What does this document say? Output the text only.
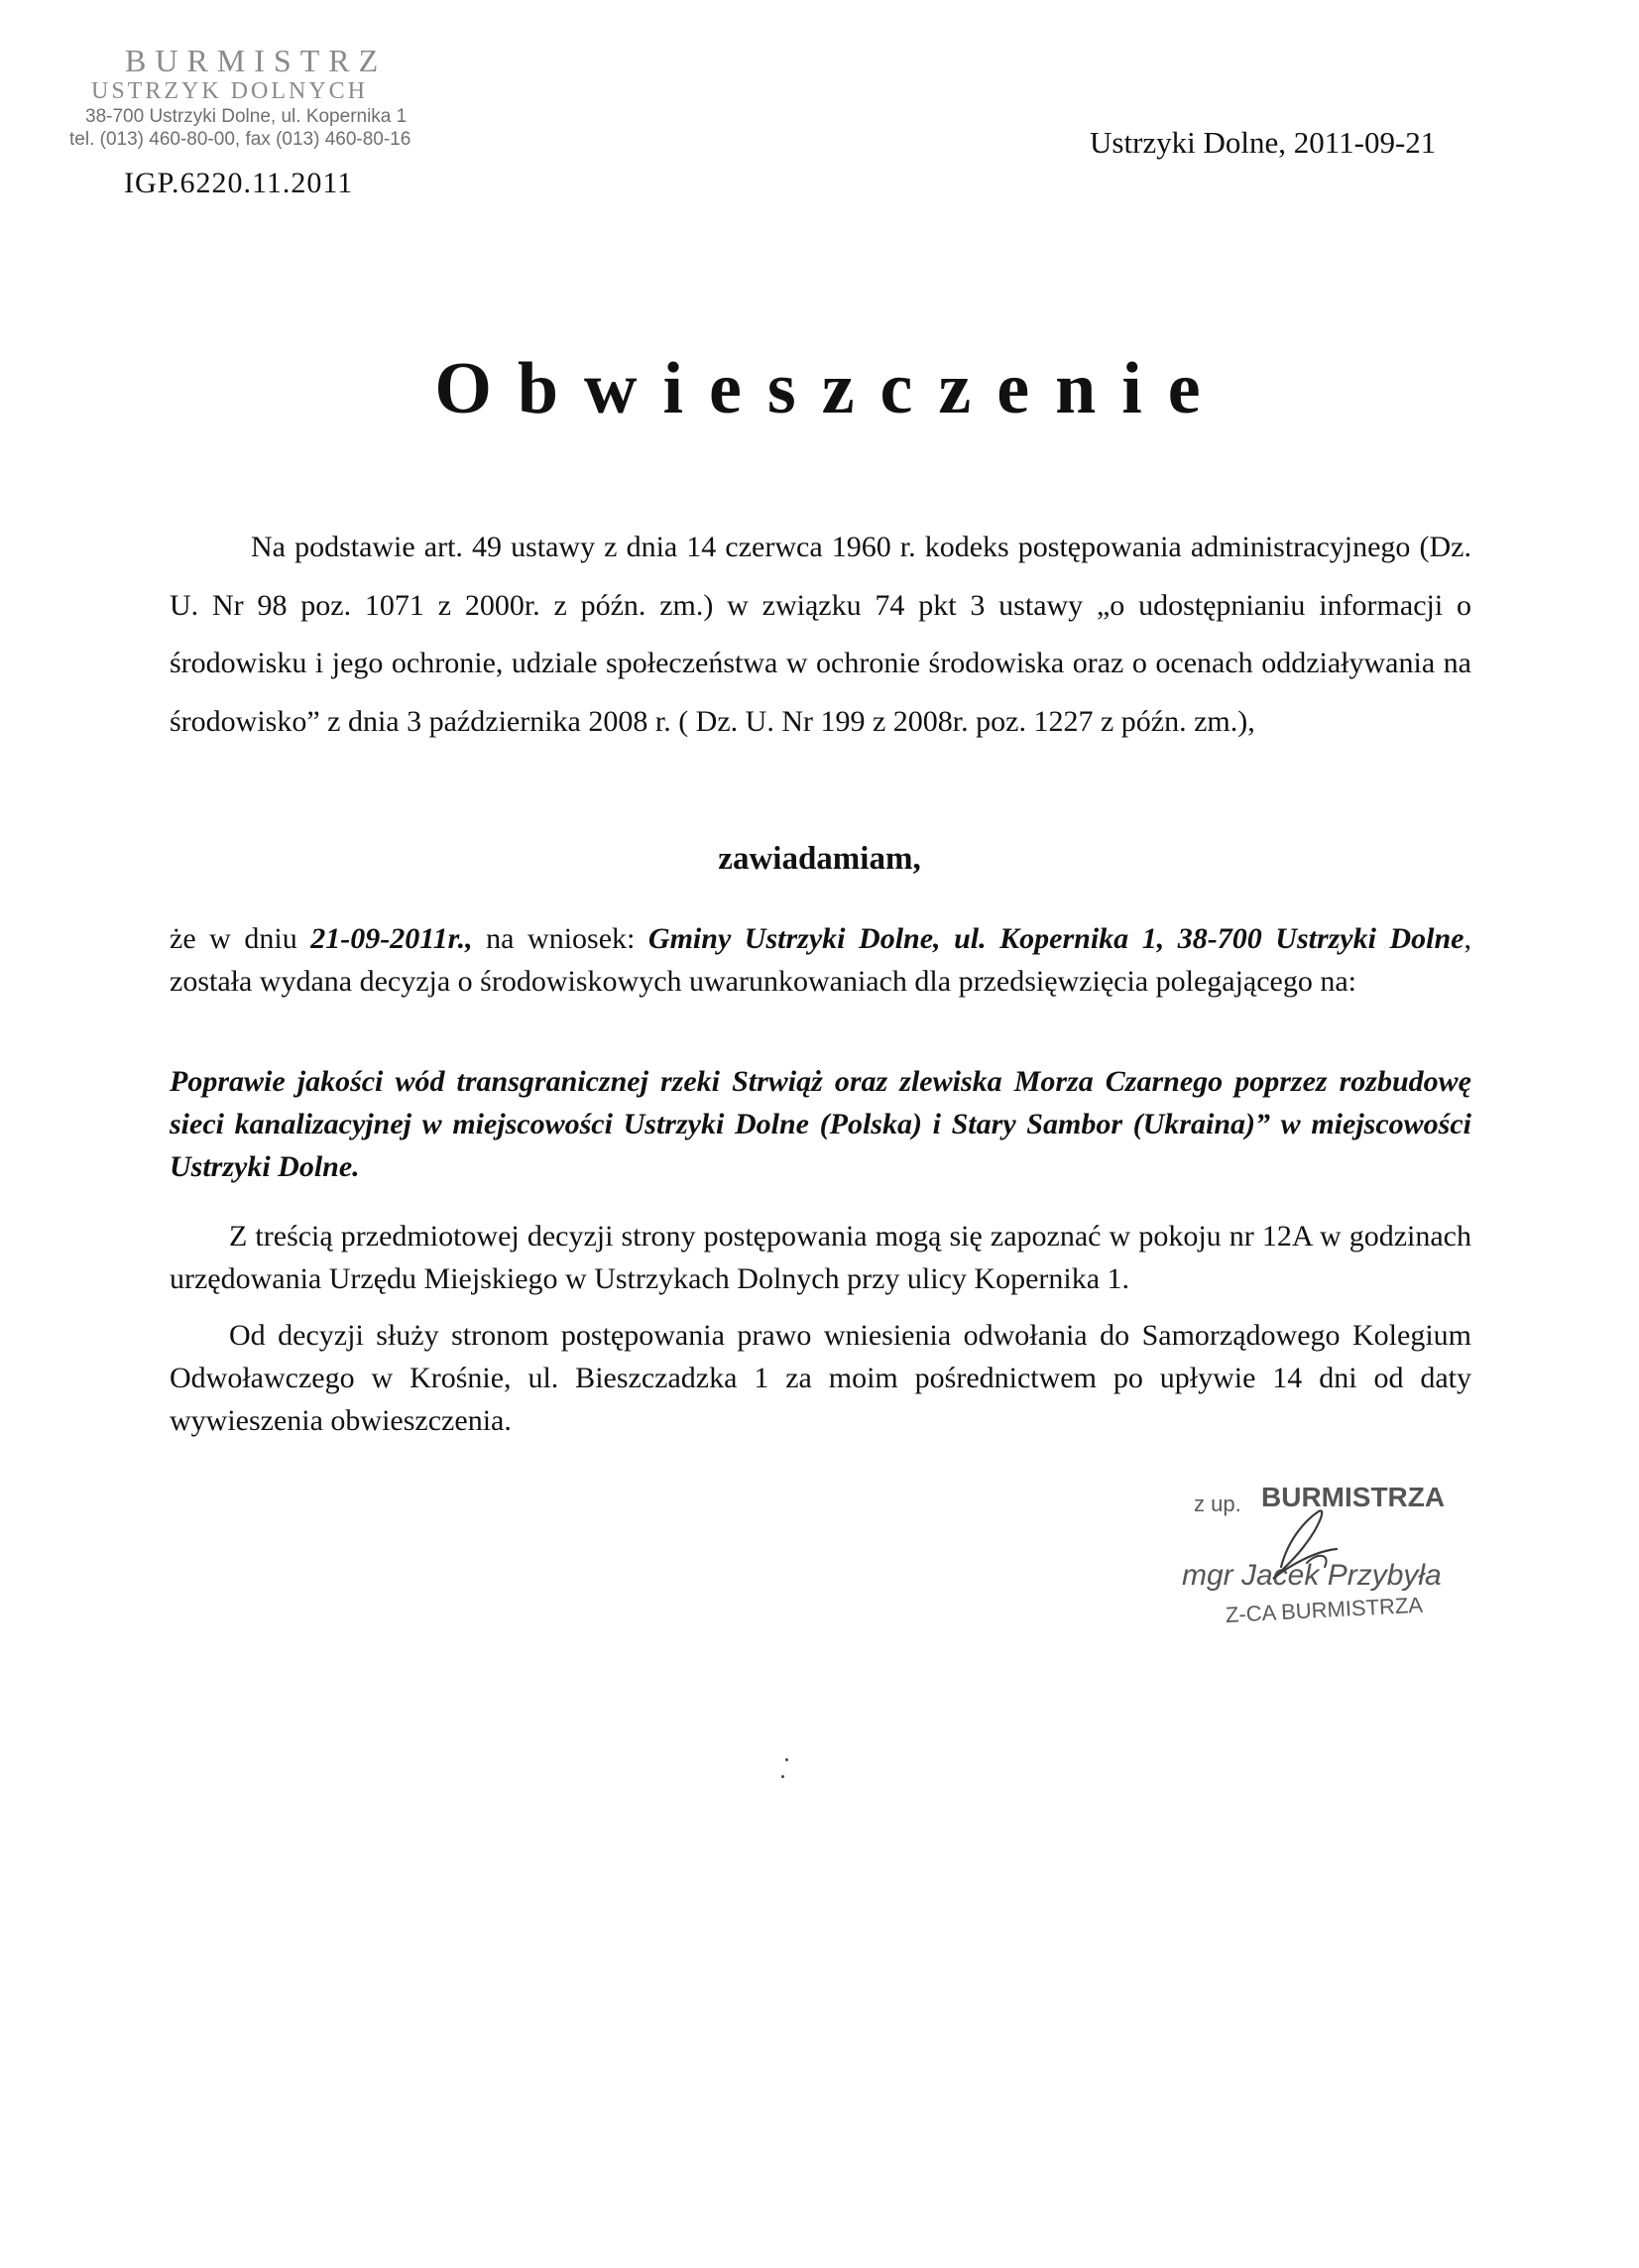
BURMISTRZ
USTRZYK DOLNYCH
38-700 Ustrzyki Dolne, ul. Kopernika 1
tel. (013) 460-80-00, fax (013) 460-80-16
IGP.6220.11.2011
Ustrzyki Dolne, 2011-09-21
Obwieszczenie
Na podstawie art. 49 ustawy z dnia 14 czerwca 1960 r. kodeks postępowania administracyjnego (Dz. U. Nr 98 poz. 1071 z 2000r. z późn. zm.) w związku 74 pkt 3 ustawy „o udostępnianiu informacji o środowisku i jego ochronie, udziale społeczeństwa w ochronie środowiska oraz o ocenach oddziaływania na środowisko” z dnia 3 października 2008 r. ( Dz. U. Nr 199 z 2008r. poz. 1227 z późn. zm.),
zawiadamiam,
że w dniu 21-09-2011r., na wniosek: Gminy Ustrzyki Dolne, ul. Kopernika 1, 38-700 Ustrzyki Dolne, została wydana decyzja o środowiskowych uwarunkowaniach dla przedsięwzięcia polegającego na:
Poprawie jakości wód transgranicznej rzeki Strwiąż oraz zlewiska Morza Czarnego poprzez rozbudowę sieci kanalizacyjnej w miejscowości Ustrzyki Dolne (Polska) i Stary Sambor (Ukraina)” w miejscowości Ustrzyki Dolne.
Z treścią przedmiotowej decyzji strony postępowania mogą się zapoznać w pokoju nr 12A w godzinach urzędowania Urzędu Miejskiego w Ustrzykach Dolnych przy ulicy Kopernika 1.
Od decyzji służy stronom postępowania prawo wniesienia odwołania do Samorządowego Kolegium Odwoławczego w Krośnie, ul. Bieszczadzka 1 za moim pośrednictwem po upływie 14 dni od daty wywieszenia obwieszczenia.
z up. BURMISTRZA
mgr Jacek Przybyła
Z-CA BURMISTRZA
